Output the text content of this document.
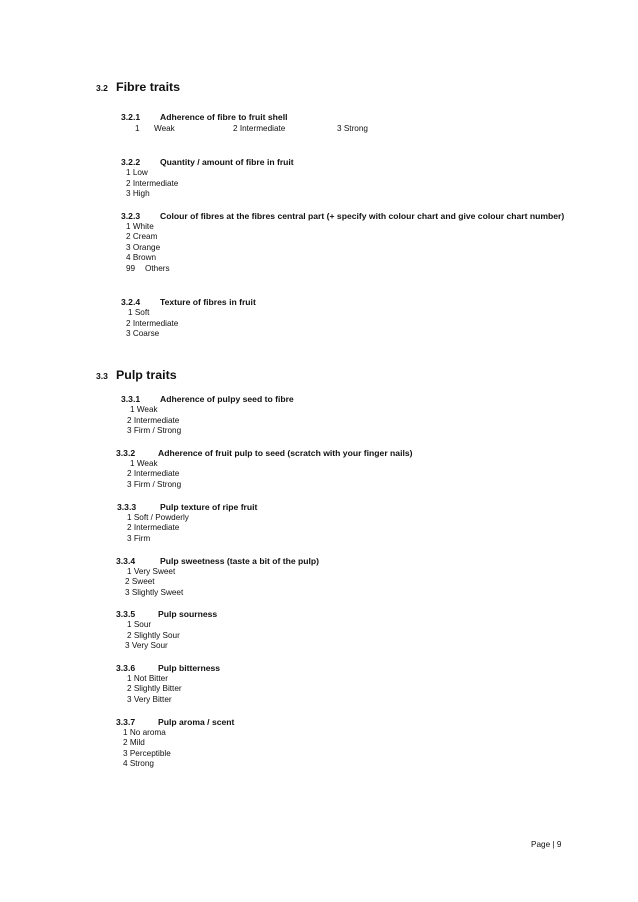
3.2 Fibre traits
3.2.1 Adherence of fibre to fruit shell
1 Weak	2 Intermediate	3 Strong
3.2.2 Quantity / amount of fibre in fruit
1 Low
2 Intermediate
3 High
3.2.3 Colour of fibres at the fibres central part (+ specify with colour chart and give colour chart number)
1 White
2 Cream
3 Orange
4 Brown
99 Others
3.2.4 Texture of fibres in fruit
1 Soft
2 Intermediate
3 Coarse
3.3 Pulp traits
3.3.1 Adherence of pulpy seed to fibre
1 Weak
2 Intermediate
3 Firm / Strong
3.3.2	Adherence of fruit pulp to seed (scratch with your finger nails)
1 Weak
2 Intermediate
3 Firm / Strong
3.3.3	Pulp texture of ripe fruit
1 Soft / Powderly
2 Intermediate
3 Firm
3.3.4	Pulp sweetness (taste a bit of the pulp)
1 Very Sweet
2 Sweet
3 Slightly Sweet
3.3.5	Pulp sourness
1 Sour
2 Slightly Sour
3 Very Sour
3.3.6	Pulp bitterness
1 Not Bitter
2 Slightly Bitter
3 Very Bitter
3.3.7	Pulp aroma / scent
1 No aroma
2 Mild
3 Perceptible
4 Strong
Page | 9
